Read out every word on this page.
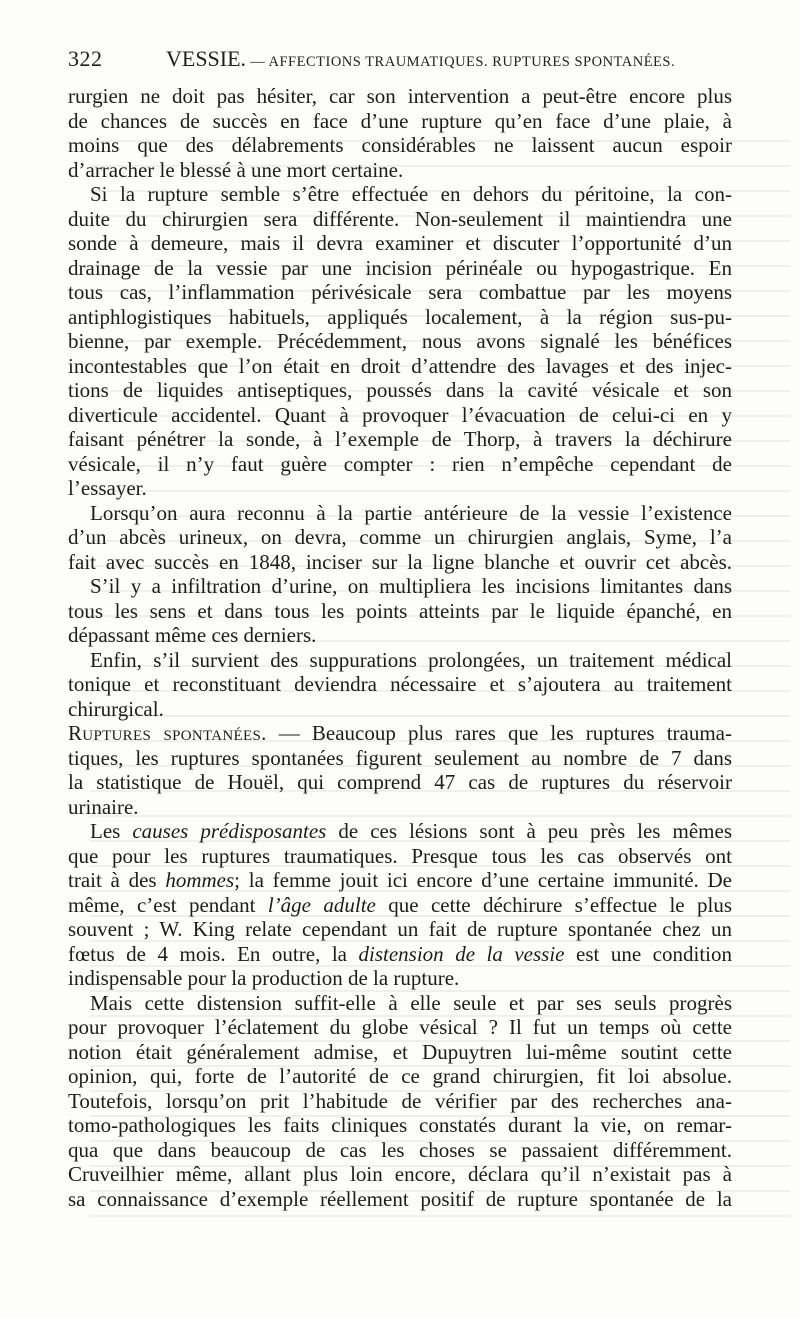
322	VESSIE. — AFFECTIONS TRAUMATIQUES. RUPTURES SPONTANÉES.
rurgien ne doit pas hésiter, car son intervention a peut-être encore plus
de chances de succès en face d’une rupture qu’en face d’une plaie, à
moins que des délabrements considérables ne laissent aucun espoir
d’arracher le blessé à une mort certaine.
Si la rupture semble s’être effectuée en dehors du péritoine, la con-
duite du chirurgien sera différente. Non-seulement il maintiendra une
sonde à demeure, mais il devra examiner et discuter l’opportunité d’un
drainage de la vessie par une incision périnéale ou hypogastrique. En
tous cas, l’inflammation périvésicale sera combattue par les moyens
antiphlogistiques habituels, appliqués localement, à la région sus-pu-
bienne, par exemple. Précédemment, nous avons signalé les bénéfices
incontestables que l’on était en droit d’attendre des lavages et des injec-
tions de liquides antiseptiques, poussés dans la cavité vésicale et son
diverticule accidentel. Quant à provoquer l’évacuation de celui-ci en y
faisant pénétrer la sonde, à l’exemple de Thorp, à travers la déchirure
vésicale, il n’y faut guère compter : rien n’empêche cependant de
l’essayer.
Lorsqu’on aura reconnu à la partie antérieure de la vessie l’existence
d’un abcès urineux, on devra, comme un chirurgien anglais, Syme, l’a
fait avec succès en 1848, inciser sur la ligne blanche et ouvrir cet abcès.
S’il y a infiltration d’urine, on multipliera les incisions limitantes dans
tous les sens et dans tous les points atteints par le liquide épanché, en
dépassant même ces derniers.
Enfin, s’il survient des suppurations prolongées, un traitement médical
tonique et reconstituant deviendra nécessaire et s’ajoutera au traitement
chirurgical.
Ruptures spontanées. — Beaucoup plus rares que les ruptures trauma-
tiques, les ruptures spontanées figurent seulement au nombre de 7 dans
la statistique de Houël, qui comprend 47 cas de ruptures du réservoir
urinaire.
Les causes prédisposantes de ces lésions sont à peu près les mêmes
que pour les ruptures traumatiques. Presque tous les cas observés ont
trait à des hommes; la femme jouit ici encore d’une certaine immunité. De
même, c’est pendant l’âge adulte que cette déchirure s’effectue le plus
souvent ; W. King relate cependant un fait de rupture spontanée chez un
fœtus de 4 mois. En outre, la distension de la vessie est une condition
indispensable pour la production de la rupture.
Mais cette distension suffit-elle à elle seule et par ses seuls progrès
pour provoquer l’éclatement du globe vésical ? Il fut un temps où cette
notion était généralement admise, et Dupuytren lui-même soutint cette
opinion, qui, forte de l’autorité de ce grand chirurgien, fit loi absolue.
Toutefois, lorsqu’on prit l’habitude de vérifier par des recherches ana-
tomo-pathologiques les faits cliniques constatés durant la vie, on remar-
qua que dans beaucoup de cas les choses se passaient différemment.
Cruveilhier même, allant plus loin encore, déclara qu’il n’existait pas à
sa connaissance d’exemple réellement positif de rupture spontanée de la
